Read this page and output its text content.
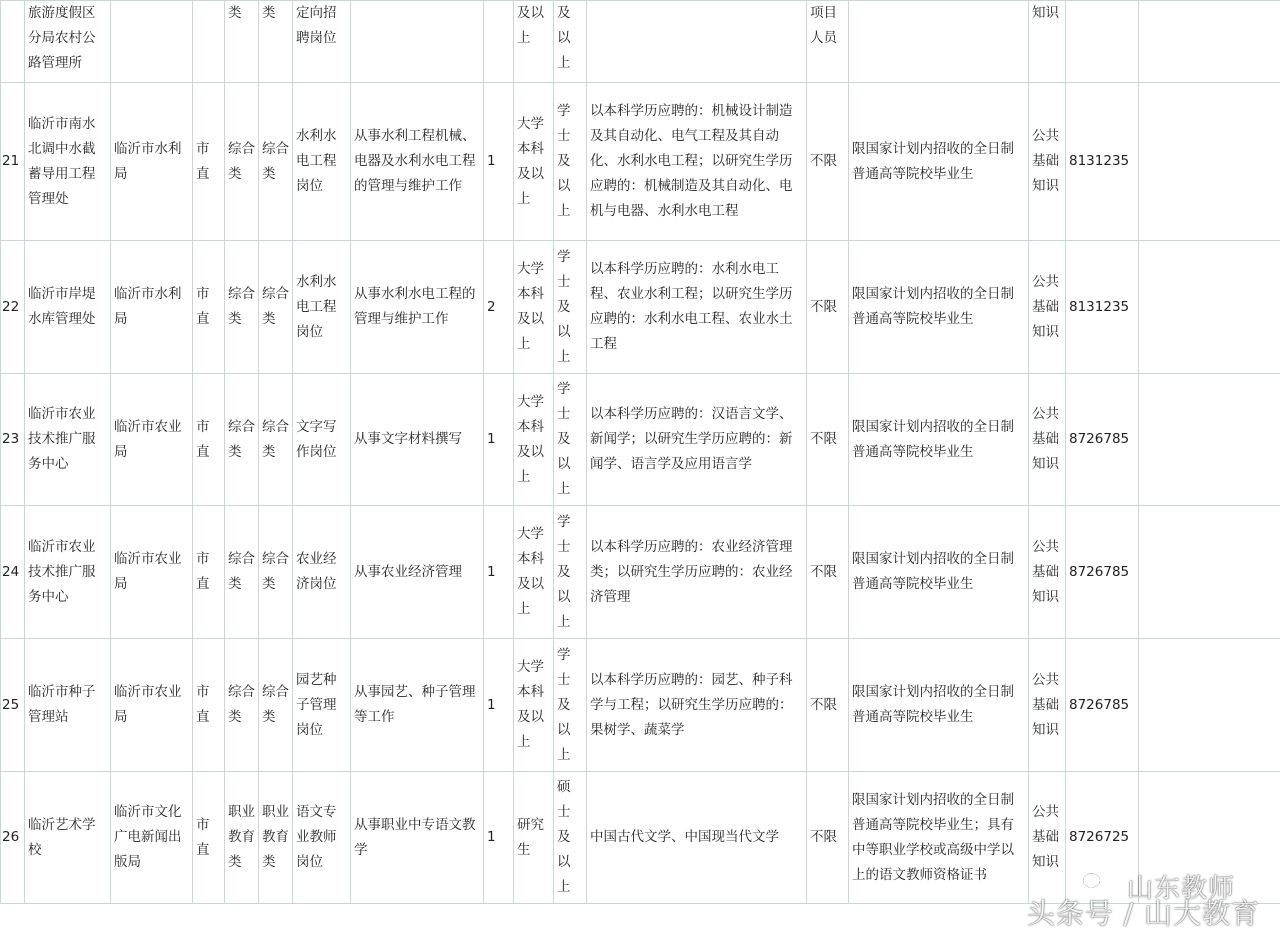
	旅游度假区分局农村公路管理所			类	类	定向招聘岗位			及以上	及以上		项目人员		知识		
21	临沂市南水北调中水截蓄导用工程管理处	临沂市水利局	市直	综合类	综合类	水利水电工程岗位	从事水利工程机械、电器及水利水电工程的管理与维护工作	1	大学本科及以上	学士及以上	以本科学历应聘的：机械设计制造及其自动化、电气工程及其自动化、水利水电工程；以研究生学历应聘的：机械制造及其自动化、电机与电器、水利水电工程	不限	限国家计划内招收的全日制普通高等院校毕业生	公共基础知识	8131235	
22	临沂市岸堤水库管理处	临沂市水利局	市直	综合类	综合类	水利水电工程岗位	从事水利水电工程的管理与维护工作	2	大学本科及以上	学士及以上	以本科学历应聘的：水利水电工程、农业水利工程；以研究生学历应聘的：水利水电工程、农业水土工程	不限	限国家计划内招收的全日制普通高等院校毕业生	公共基础知识	8131235	
23	临沂市农业技术推广服务中心	临沂市农业局	市直	综合类	综合类	文字写作岗位	从事文字材料撰写	1	大学本科及以上	学士及以上	以本科学历应聘的：汉语言文学、新闻学；以研究生学历应聘的：新闻学、语言学及应用语言学	不限	限国家计划内招收的全日制普通高等院校毕业生	公共基础知识	8726785	
24	临沂市农业技术推广服务中心	临沂市农业局	市直	综合类	综合类	农业经济岗位	从事农业经济管理	1	大学本科及以上	学士及以上	以本科学历应聘的：农业经济管理类；以研究生学历应聘的：农业经济管理	不限	限国家计划内招收的全日制普通高等院校毕业生	公共基础知识	8726785	
25	临沂市种子管理站	临沂市农业局	市直	综合类	综合类	园艺种子管理岗位	从事园艺、种子管理等工作	1	大学本科及以上	学士及以上	以本科学历应聘的：园艺、种子科学与工程；以研究生学历应聘的：果树学、蔬菜学	不限	限国家计划内招收的全日制普通高等院校毕业生	公共基础知识	8726785	
26	临沂艺术学校	临沂市文化广电新闻出版局	市直	职业教育类	职业教育类	语文专业教师岗位	从事职业中专语文教学	1	研究生	硕士及以上	中国古代文学、中国现当代文学	不限	限国家计划内招收的全日制普通高等院校毕业生；具有中等职业学校或高级中学以上的语文教师资格证书	公共基础知识	8726725	
山东教师
头条号 / 山大教育
